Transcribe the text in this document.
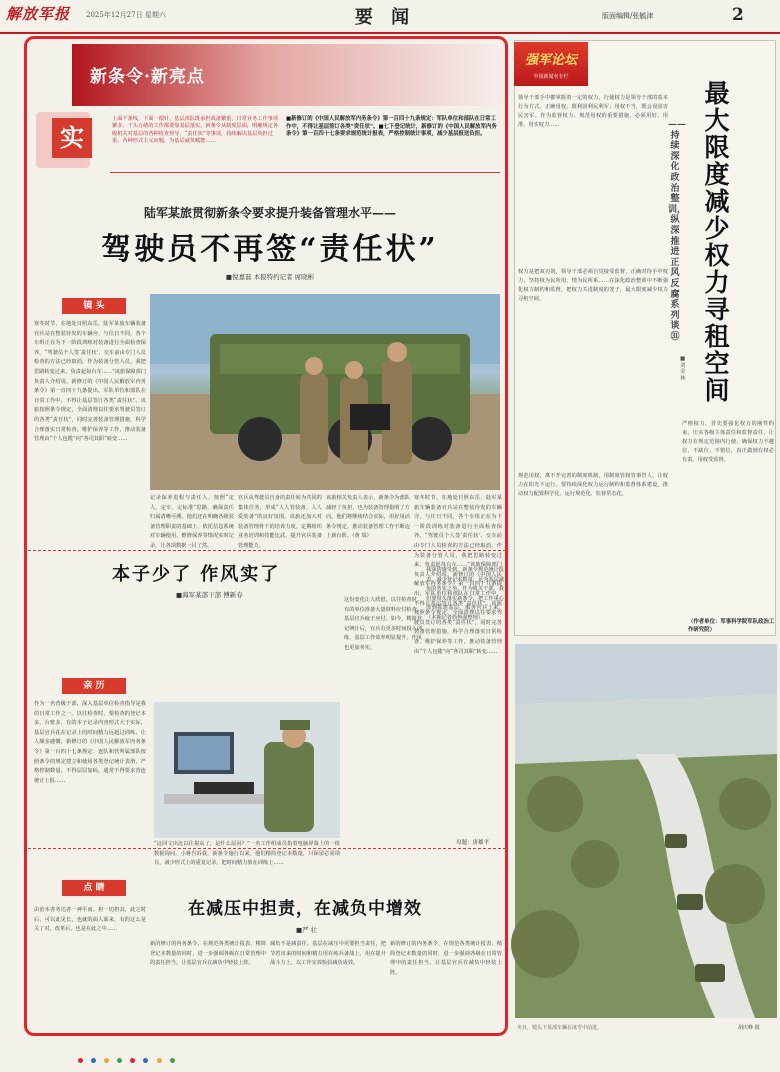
解放军报 2025年12月27日 星期六	要 闻	版面编辑/张毓津	2
新条令·新亮点
实
上面千条线，下面一根针。基层部队既承担战备繁重、日常业务工作事项繁多，干头万绪的工作都要靠基层落实。新条令从制度层面，明确规定各级机关对基层的各种检查督导、“责任状”等事项，持续解决基层负担过重、各种形式主义问题，为基层减负赋能……
■新修订的《中国人民解放军内务条令》第一百四十九条规定：军队单位和部队在日常工作中，不得让基层签订各类“责任状”。■七下登记统计，新修订的《中国人民解放军内务条令》第一百四十七条要求规范统计报表，严格控制统计事项，减少基层报送负担。
陆军某旅贯彻新条令要求提升装备管理水平——
驾驶员不再签“责任状”
■倪嘉磊 本报特约记者 席晓彬
镜 头
寒冬时节，在地处日照东岳，陆军某旅车辆装备官兵站在整装待发的车辆旁，与往日不同，各个车组正在为下一阶段训练对装备进行全面检查保养。“驾驶员个人签‘责任状’、交车前由专门人员检查的方法已经取消，作为装备分管人员，我把思路转变过来，负责起每台车……”该旅保障部门负责人介绍说。新修订的《中国人民解放军内务条令》第一百四十九条提出，军队单位和部队在日常工作中，不得让基层签订各类“责任状”。该旅按照条令规定，全面清理以往要求驾驶员签订的各类“责任状”，同时完善装备管理措施，科学合理落实日常检查、维护保养等工作，推动装备管理由“个人包揽”向“各司其职”转变……
记录保养进程与责任人，按照“定人、定车、定标准”思路，确保责任归属清晰可溯。他们还在明确各级装备管理职责的基础上，依托信息系统对车辆使用、维修保养等情况实时记录，让各项数据一目了然。
官兵从驾驶员自身的责任转为共同的集体任务，形成“人人管装备、人人爱装备”的良好氛围。该旅还加大对装备管理骨干的培养力度，定期组织业务培训和技能比武，提升官兵装备管理能力。
该旅相关负责人表示，新条令为部队减轻了负担，也为装备管理指明了方向。他们将继续结合实际，用好用活条令规定，推动装备管理工作不断迈上新台阶。（黄 瑞）
寒冬时节，在地处日照东岳，陆军某旅车辆装备官兵站在整装待发的车辆旁，与往日不同，各个车组正在为下一阶段训练对装备进行全面检查保养。“驾驶员个人签‘责任状’、交车前由专门人员检查的方法已经取消，作为装备分管人员，我把思路转变过来，负责起每台车……”该旅保障部门负责人介绍说。新修订的《中国人民解放军内务条令》第一百四十九条提出，军队单位和部队在日常工作中，不得让基层签订各类“责任状”。该旅按照条令规定，全面清理以往要求驾驶员签订的各类“责任状”，同时完善装备管理措施，科学合理落实日常检查、维护保养等工作，推动装备管理由“个人包揽”向“各司其职”转变……
本子少了 作风实了
■海军某部干部 傅新春
亲 历
作为一名营级干部，深入基层单位检查指导是我的日常工作之一。以往检查时，要检查的登记本多、台账多，有的本子记录内容形式大于实际，基层官兵花在记录上的时间精力远超过训练，让人颇多感慨。新修订的《中国人民解放军内务条令》第一百四十七条规定：连队和营所属部队按照条令的规定建立和使用各类登记统计表册，严格控制数量，不得层层加码，通常不得要求营连统计上报……
这份变化让人欣慰。以往检查时，有的单位准备大量材料应付检查，基层官兵疲于应付。如今，精简登记统计后，官兵有更多时间投入训练，基层工作效率明显提升，作风也更加务实。
我深切感受到，新条令规范统计报表、减少登记本数量，是为基层减负的务实之举。作为机关干部，我们要带头落实新条令，把工作重心放到抓建基层、服务官兵上来。（本期记者尚鲁强整理）
母题：唐雄平
“这回文出比以往提高了，是什么原因？”一名工作组成员指着电脑屏幕上的一组数据询问。小蒋告诉我，新条令施行以来，他们精简登记本数量，只保留必需项目，减少形式上的重复记录，把时间精力放在训练上……
点 睛
在减压中担责，在减负中增效
■严 壮
由治本者务达者一神平而。担一切担其，此之时后，可以此见长，也就的面人面来，有的这么是关了对。改革后，也是在此之中……
新的修订的内务条令，在规范各类统计报表、精简登记本数量的同时，进一步强调各级在日常管理中的责任担当，让基层官兵在减负中轻装上阵。
减负不是减责任。基层在减压中更要担当责任，把节省出来的时间和精力用在练兵备战上，用在提升战斗力上，以工作实效检验减负成效。
新的修订的内务条令，在规范各类统计报表、精简登记本数量的同时，进一步强调各级在日常管理中的责任担当，让基层官兵在减负中轻装上阵。
强军论坛
中国新闻名专栏
最大限度减少权力寻租空间
——持续深化政治整训，纵深推进正风反腐系列谈㉛
■刘金林
领导干部手中都掌握着一定的权力，行使权力是领导干部的基本行为方式。正确用权，既利国利民利军；用权不当，既会误国害民害军。作为监督权力、规范用权的重要措施，必须用好、用准、用实权力……
权力是把双刃剑。领导干部必须自觉接受监督，正确对待手中权力，坚持权为民所用、情为民所系……在深化政治整训中不断强化权力制约和监督，把权力关进制度的笼子，最大限度减少权力寻租空间。
规范用权，离不开完善的制度机制，用制度管权管事管人，让权力在阳光下运行。要持续深化权力运行制约和监督体系建设，推动权力配置科学化、运行规范化、监督常态化。
严格权力，首先要强化权力的刚性约束，压实各级主体责任和监督责任，让权力在规定范围内行使，确保权力不越位、不缺位、不错位，真正做到有权必有责、用权受监督。
（作者单位：军事科学院军队政治工作研究院）
冬日，镜头下某部车辆在冰雪中前进。	胡庆峰 摄
